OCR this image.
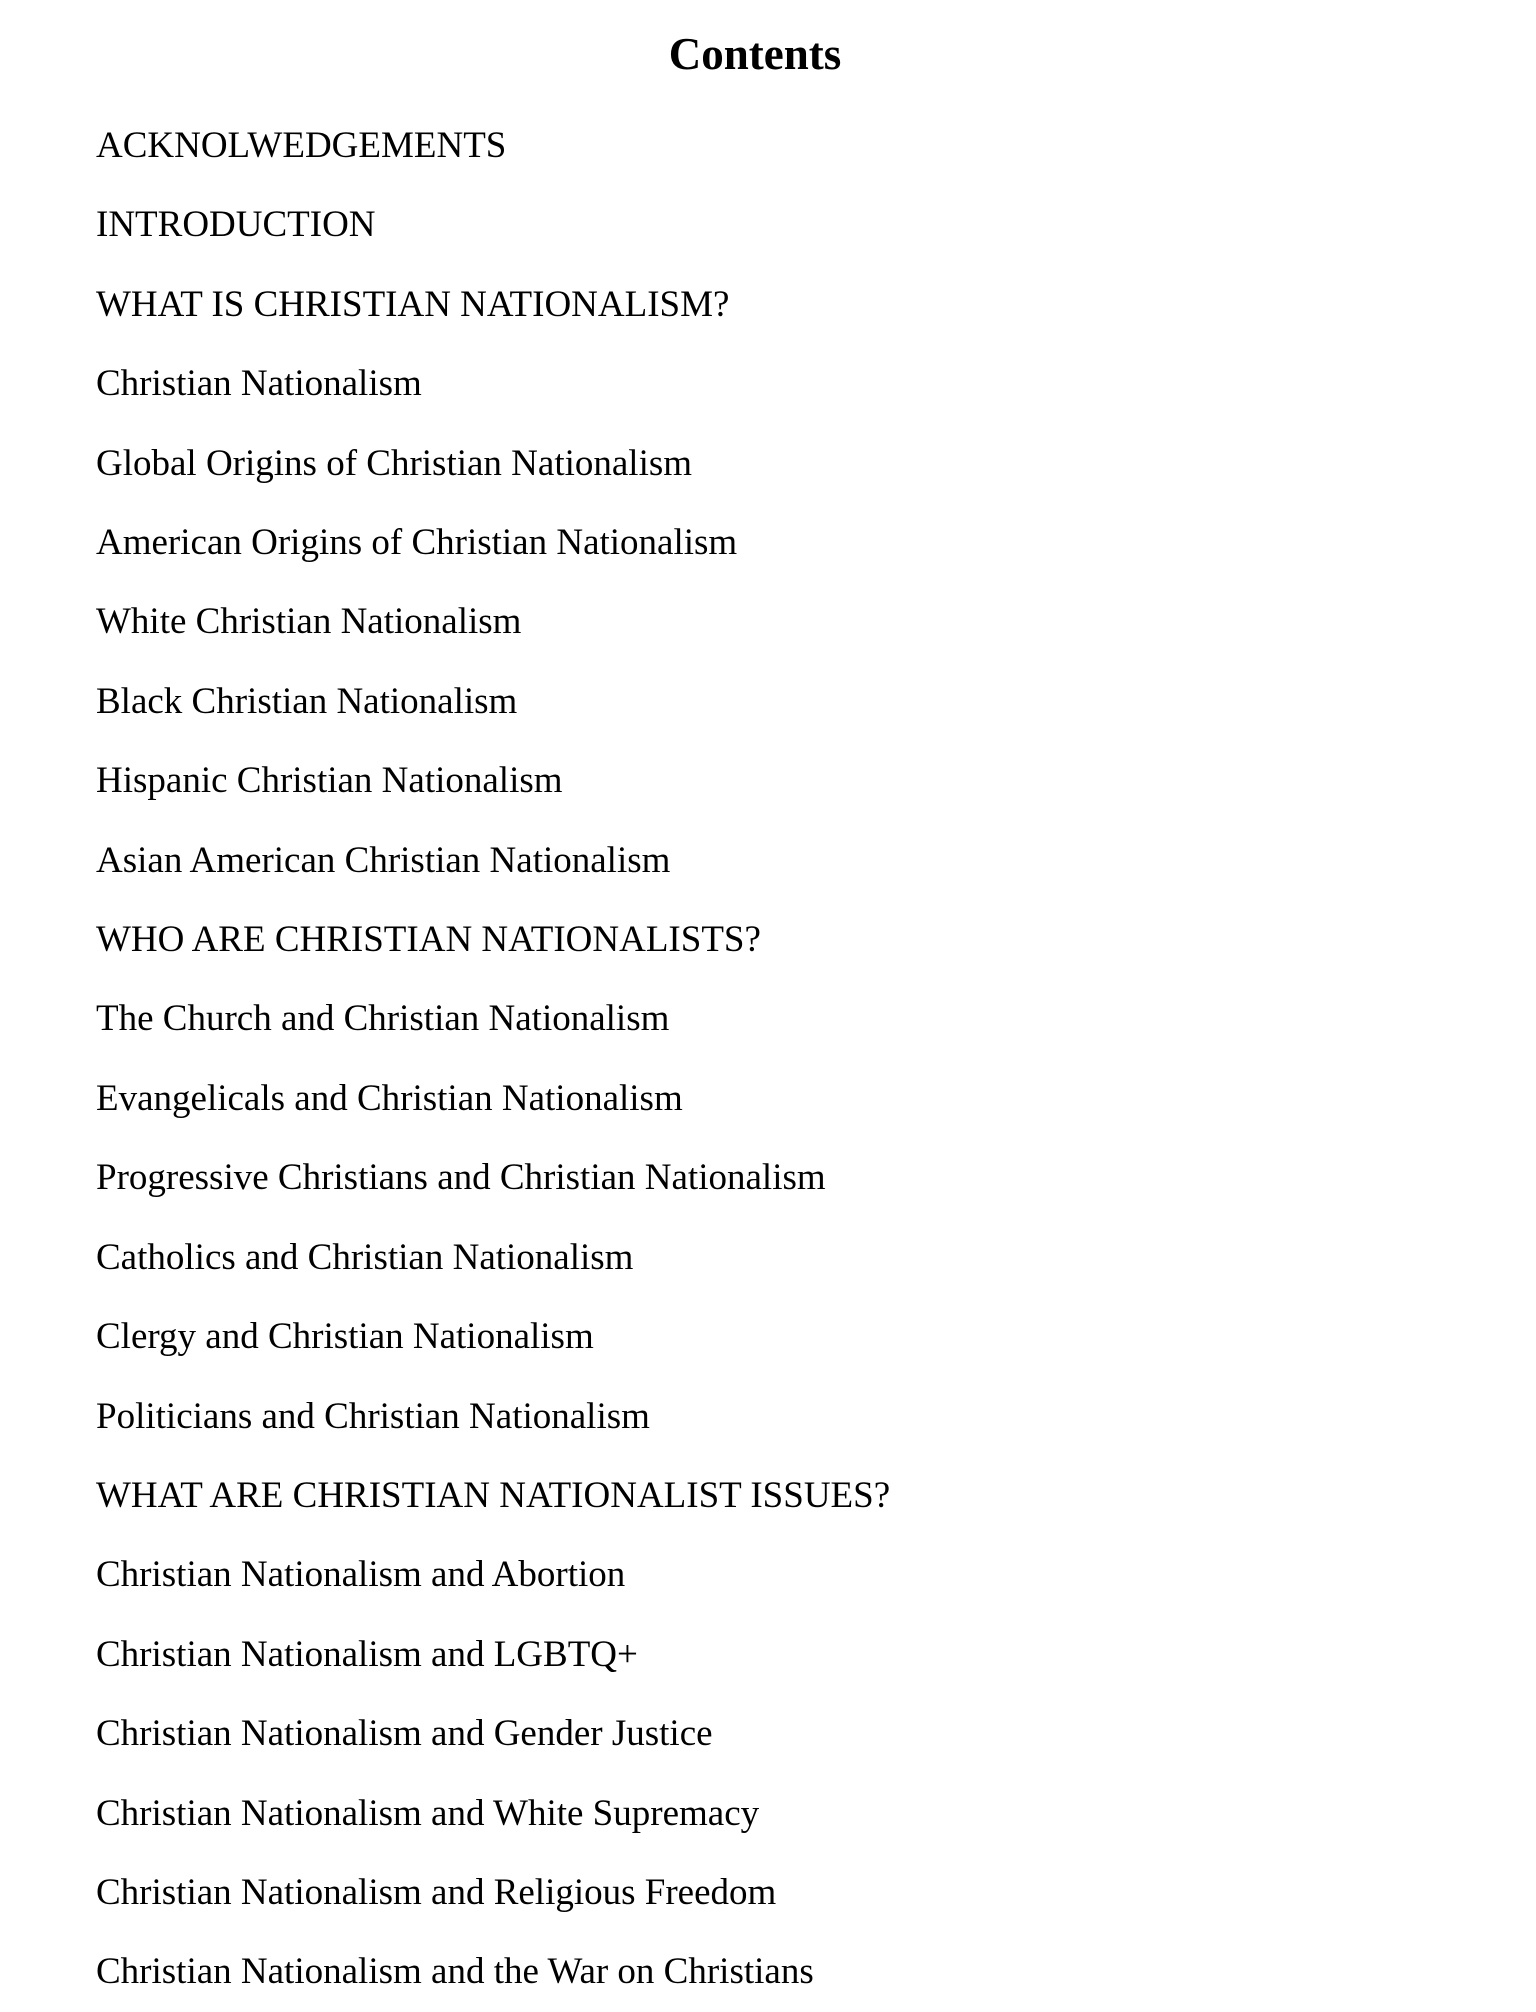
Contents
ACKNOLWEDGEMENTS
INTRODUCTION
WHAT IS CHRISTIAN NATIONALISM?
Christian Nationalism
Global Origins of Christian Nationalism
American Origins of Christian Nationalism
White Christian Nationalism
Black Christian Nationalism
Hispanic Christian Nationalism
Asian American Christian Nationalism
WHO ARE CHRISTIAN NATIONALISTS?
The Church and Christian Nationalism
Evangelicals and Christian Nationalism
Progressive Christians and Christian Nationalism
Catholics and Christian Nationalism
Clergy and Christian Nationalism
Politicians and Christian Nationalism
WHAT ARE CHRISTIAN NATIONALIST ISSUES?
Christian Nationalism and Abortion
Christian Nationalism and LGBTQ+
Christian Nationalism and Gender Justice
Christian Nationalism and White Supremacy
Christian Nationalism and Religious Freedom
Christian Nationalism and the War on Christians
